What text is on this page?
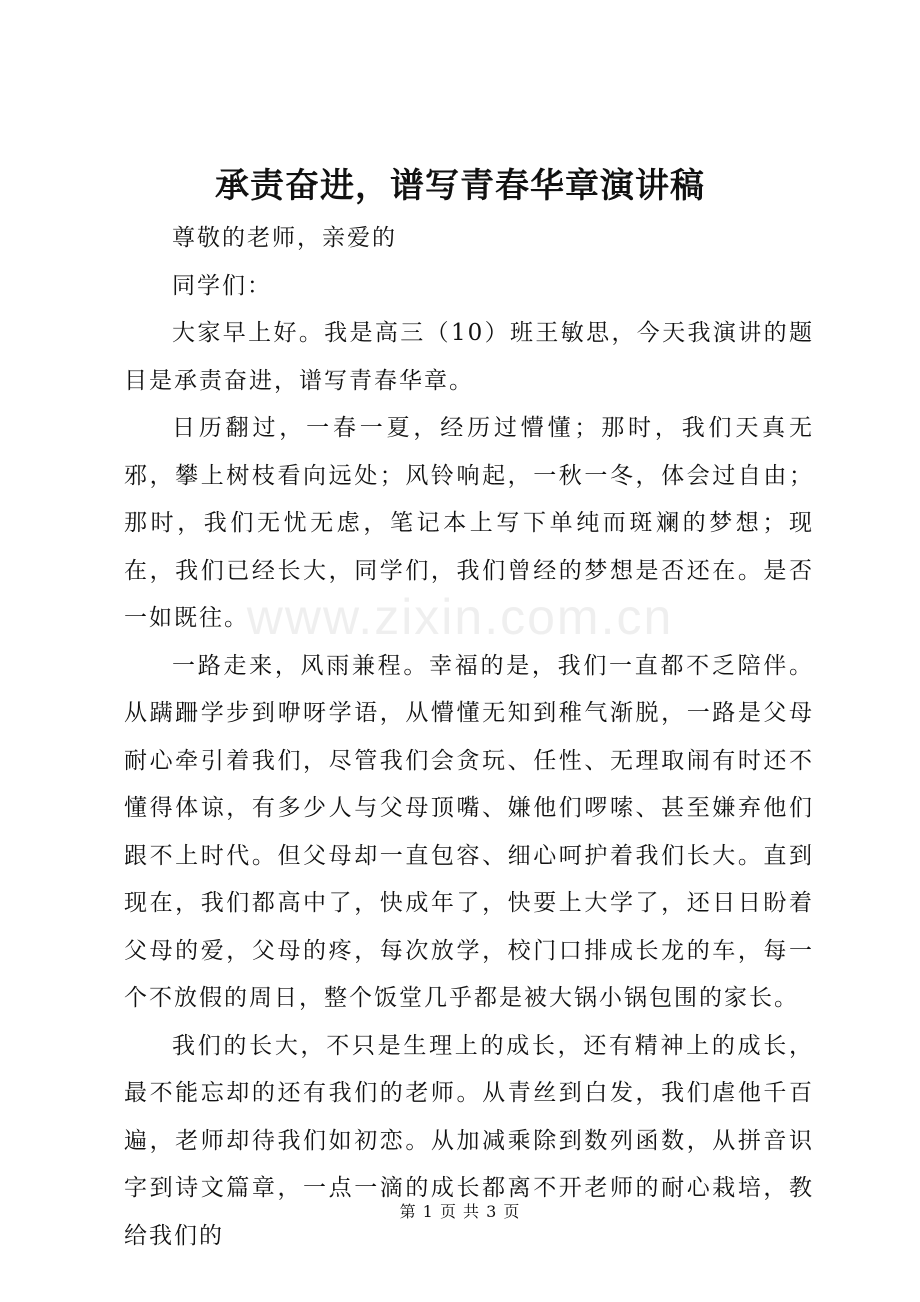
www.zixin.com.cn
承责奋进，谱写青春华章演讲稿

尊敬的老师，亲爱的

同学们：

大家早上好。我是高三（10）班王敏思，今天我演讲的题目是承责奋进，谱写青春华章。

日历翻过，一春一夏，经历过懵懂；那时，我们天真无邪，攀上树枝看向远处；风铃响起，一秋一冬，体会过自由；那时，我们无忧无虑，笔记本上写下单纯而斑斓的梦想；现在，我们已经长大，同学们，我们曾经的梦想是否还在。是否一如既往。

一路走来，风雨兼程。幸福的是，我们一直都不乏陪伴。从蹒跚学步到咿呀学语，从懵懂无知到稚气渐脱，一路是父母耐心牵引着我们，尽管我们会贪玩、任性、无理取闹有时还不懂得体谅，有多少人与父母顶嘴、嫌他们啰嗦、甚至嫌弃他们跟不上时代。但父母却一直包容、细心呵护着我们长大。直到现在，我们都高中了，快成年了，快要上大学了，还日日盼着父母的爱，父母的疼，每次放学，校门口排成长龙的车，每一个不放假的周日，整个饭堂几乎都是被大锅小锅包围的家长。

我们的长大，不只是生理上的成长，还有精神上的成长，最不能忘却的还有我们的老师。从青丝到白发，我们虐他千百遍，老师却待我们如初恋。从加减乘除到数列函数，从拼音识字到诗文篇章，一点一滴的成长都离不开老师的耐心栽培，教给我们的

第 1 页 共 3 页
